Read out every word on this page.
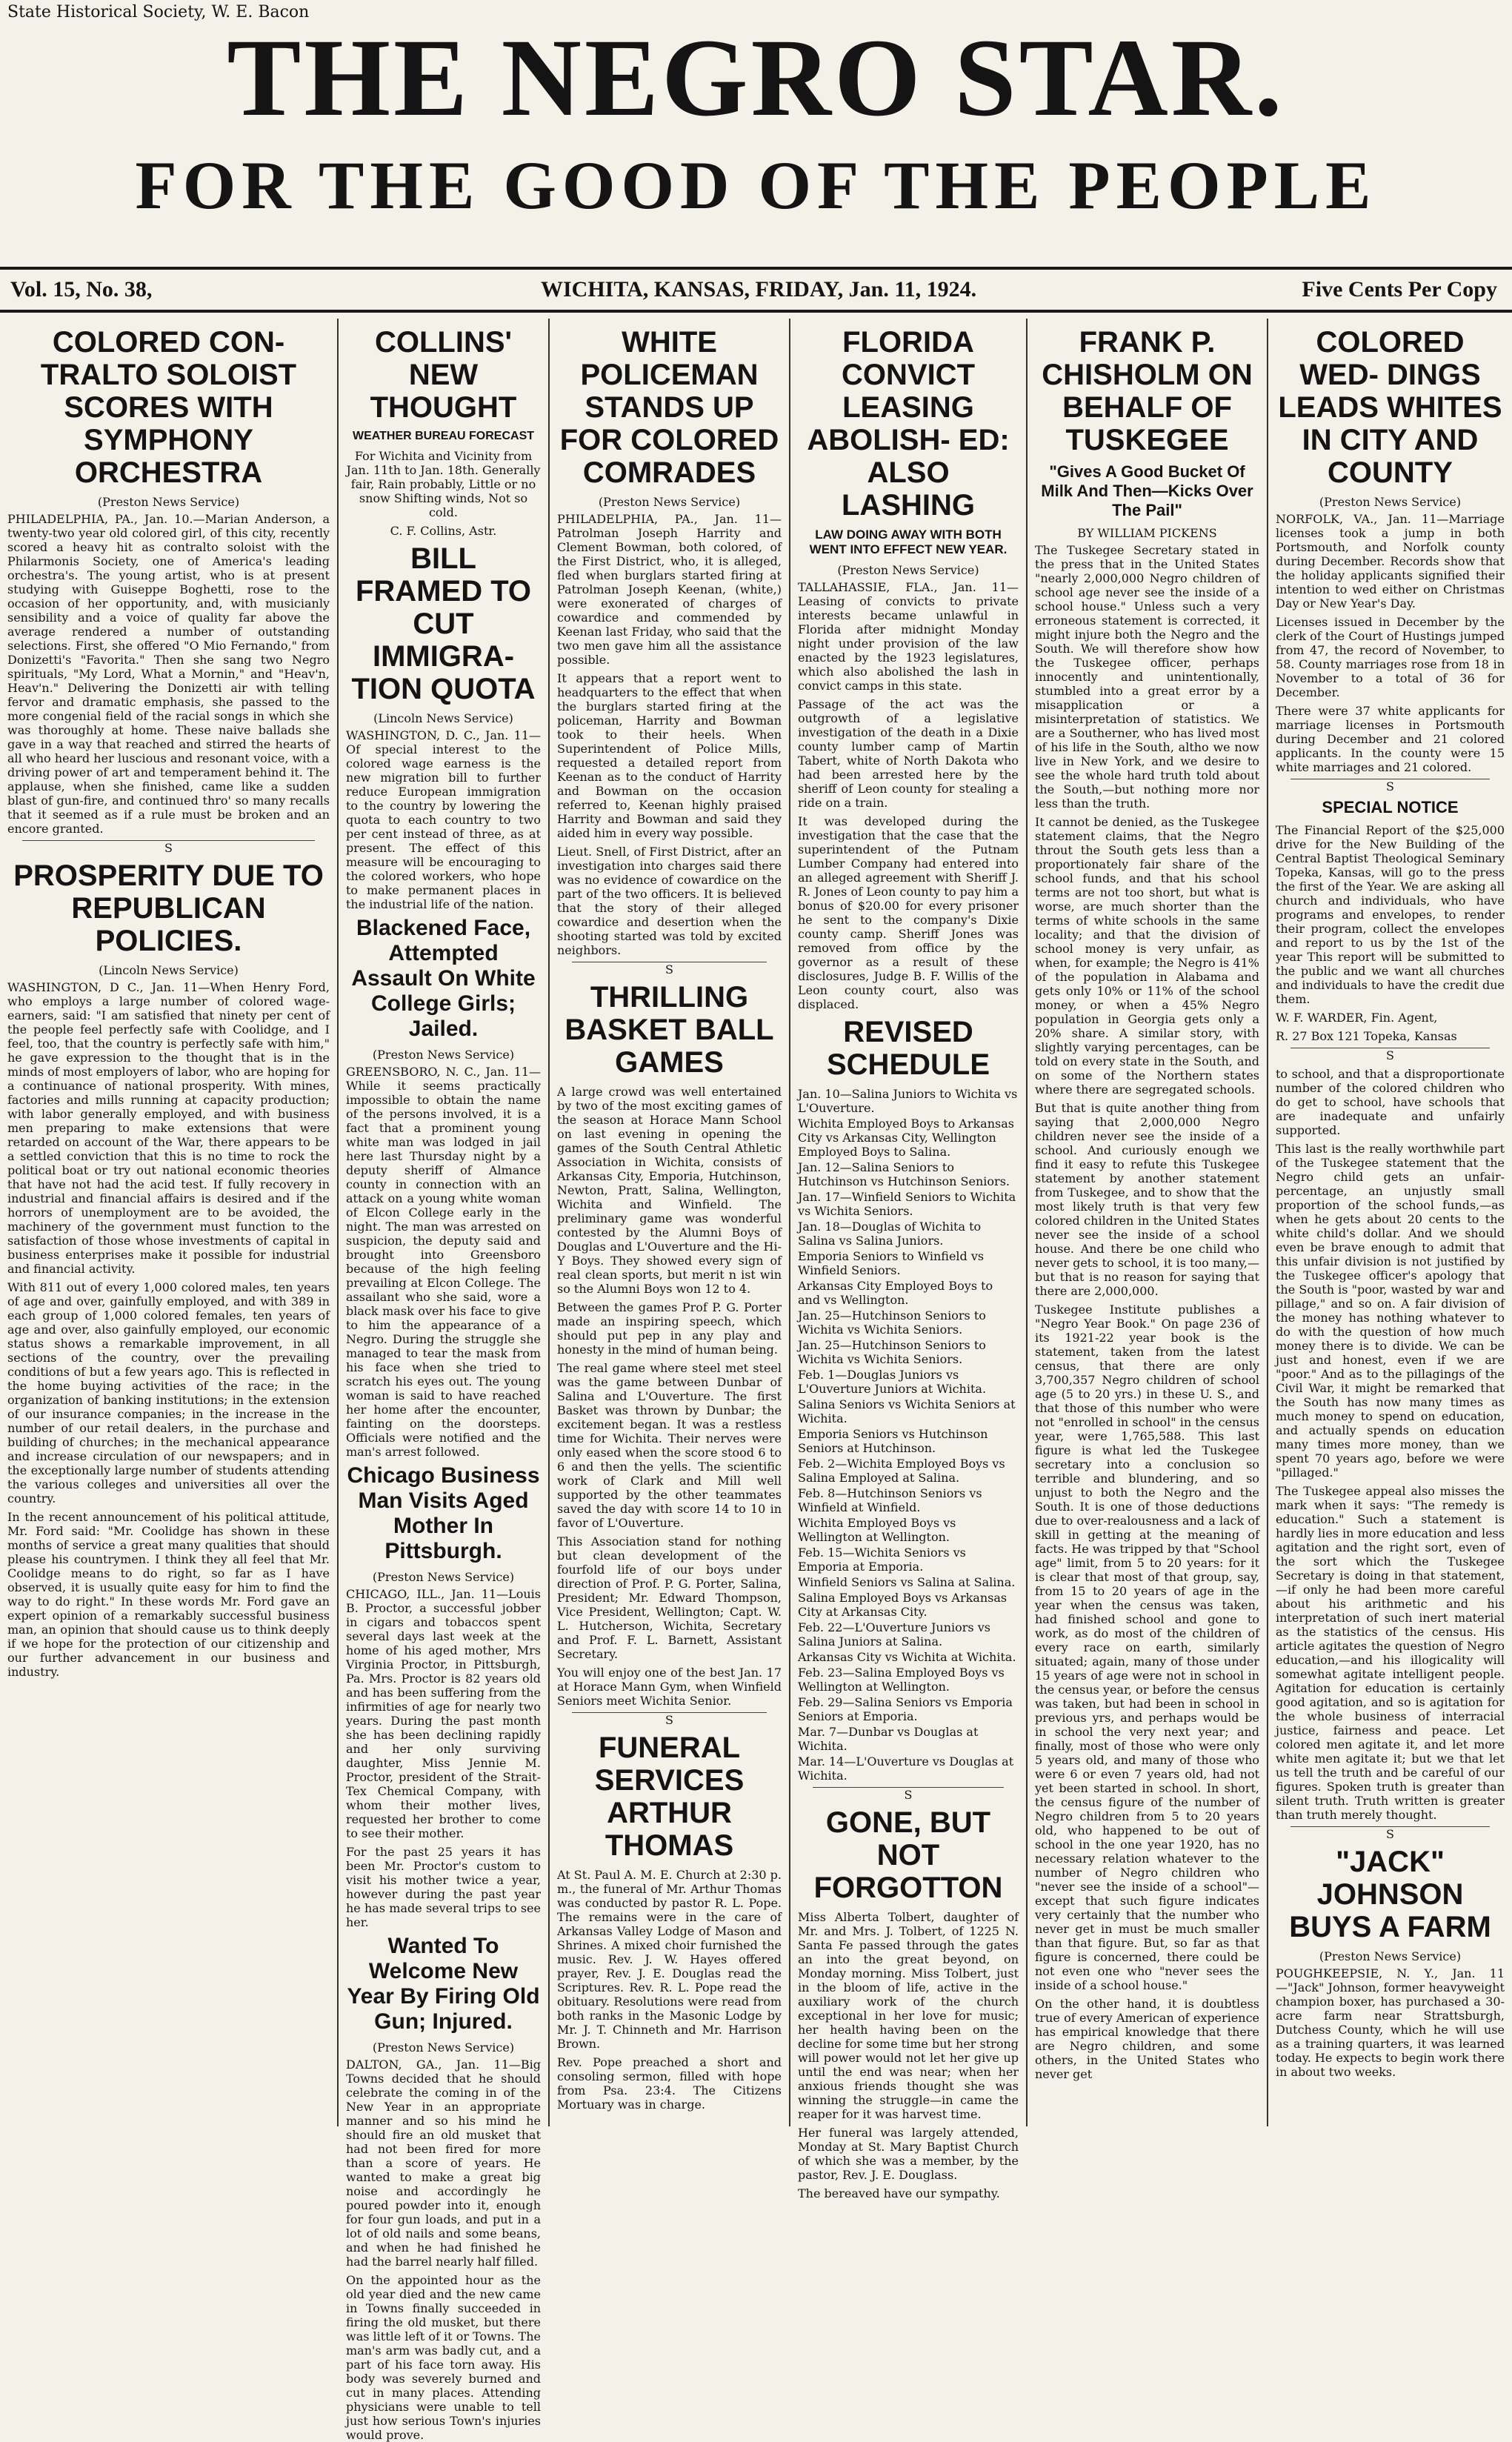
State Historical Society, W. E. Bacon
THE NEGRO STAR.
FOR THE GOOD OF THE PEOPLE
Vol. 15, No. 38,	WICHITA, KANSAS, FRIDAY, Jan. 11, 1924.	Five Cents Per Copy
COLORED CON- TRALTO SOLOIST SCORES WITH SYMPHONY ORCHESTRA
(Preston News Service)

PHILADELPHIA, PA., Jan. 10.—Marian Anderson, a twenty-two year old colored girl, of this city, recently scored a heavy hit as contralto soloist with the Philarmonis Society, one of America's leading orchestra's. The young artist, who is at present studying with Guiseppe Boghetti, rose to the occasion of her opportunity, and, with musicianly sensibility and a voice of quality far above the average rendered a number of outstanding selections. First, she offered "O Mio Fernando," from Donizetti's "Favorita." Then she sang two Negro spirituals, "My Lord, What a Mornin," and "Heav'n, Heav'n." Delivering the Donizetti air with telling fervor and dramatic emphasis, she passed to the more congenial field of the racial songs in which she was thoroughly at home. These naive ballads she gave in a way that reached and stirred the hearts of all who heard her luscious and resonant voice, with a driving power of art and temperament behind it. The applause, when she finished, came like a sudden blast of gun-fire, and continued thro' so many recalls that it seemed as if a rule must be broken and an encore granted.

S
PROSPERITY DUE TO REPUBLICAN POLICIES.
(Lincoln News Service)

WASHINGTON, D C., Jan. 11—When Henry Ford, who employs a large number of colored wage-earners, said: "I am satisfied that ninety per cent of the people feel perfectly safe with Coolidge, and I feel, too, that the country is perfectly safe with him," he gave expression to the thought that is in the minds of most employers of labor, who are hoping for a continuance of national prosperity. With mines, factories and mills running at capacity production; with labor generally employed, and with business men preparing to make extensions that were retarded on account of the War, there appears to be a settled conviction that this is no time to rock the political boat or try out national economic theories that have not had the acid test. If fully recovery in industrial and financial affairs is desired and if the horrors of unemployment are to be avoided, the machinery of the government must function to the satisfaction of those whose investments of capital in business enterprises make it possible for industrial and financial activity.

With 811 out of every 1,000 colored males, ten years of age and over, gainfully employed, and with 389 in each group of 1,000 colored females, ten years of age and over, also gainfully employed, our economic status shows a remarkable improvement, in all sections of the country, over the prevailing conditions of but a few years ago. This is reflected in the home buying activities of the race; in the organization of banking institutions; in the extension of our insurance companies; in the increase in the number of our retail dealers, in the purchase and building of churches; in the mechanical appearance and increase circulation of our newspapers; and in the exceptionally large number of students attending the various colleges and universities all over the country.

In the recent announcement of his political attitude, Mr. Ford said: "Mr. Coolidge has shown in these months of service a great many qualities that should please his countrymen. I think they all feel that Mr. Coolidge means to do right, so far as I have observed, it is usually quite easy for him to find the way to do right." In these words Mr. Ford gave an expert opinion of a remarkably successful business man, an opinion that should cause us to think deeply if we hope for the protection of our citizenship and our further advancement in our business and industry.

COLLINS' NEW THOUGHT
WEATHER BUREAU FORECAST

For Wichita and Vicinity from Jan. 11th to Jan. 18th. Generally fair, Rain probably, Little or no snow Shifting winds, Not so cold.

C. F. Collins, Astr.

BILL FRAMED TO CUT IMMIGRA- TION QUOTA
(Lincoln News Service)

WASHINGTON, D. C., Jan. 11—Of special interest to the colored wage earness is the new migration bill to further reduce European immigration to the country by lowering the quota to each country to two per cent instead of three, as at present. The effect of this measure will be encouraging to the colored workers, who hope to make permanent places in the industrial life of the nation.

Blackened Face, Attempted Assault On White College Girls; Jailed.
(Preston News Service)

GREENSBORO, N. C., Jan. 11—While it seems practically impossible to obtain the name of the persons involved, it is a fact that a prominent young white man was lodged in jail here last Thursday night by a deputy sheriff of Almance county in connection with an attack on a young white woman of Elcon College early in the night. The man was arrested on suspicion, the deputy said and brought into Greensboro because of the high feeling prevailing at Elcon College. The assailant who she said, wore a black mask over his face to give to him the appearance of a Negro. During the struggle she managed to tear the mask from his face when she tried to scratch his eyes out. The young woman is said to have reached her home after the encounter, fainting on the doorsteps. Officials were notified and the man's arrest followed.

Chicago Business Man Visits Aged Mother In Pittsburgh.
(Preston News Service)

CHICAGO, ILL., Jan. 11—Louis B. Proctor, a successful jobber in cigars and tobaccos spent several days last week at the home of his aged mother, Mrs Virginia Proctor, in Pittsburgh, Pa. Mrs. Proctor is 82 years old and has been suffering from the infirmities of age for nearly two years. During the past month she has been declining rapidly and her only surviving daughter, Miss Jennie M. Proctor, president of the Strait-Tex Chemical Company, with whom their mother lives, requested her brother to come to see their mother.

For the past 25 years it has been Mr. Proctor's custom to visit his mother twice a year, however during the past year he has made several trips to see her.

Wanted To Welcome New Year By Firing Old Gun; Injured.
(Preston News Service)

DALTON, GA., Jan. 11—Big Towns decided that he should celebrate the coming in of the New Year in an appropriate manner and so his mind he should fire an old musket that had not been fired for more than a score of years. He wanted to make a great big noise and accordingly he poured powder into it, enough for four gun loads, and put in a lot of old nails and some beans, and when he had finished he had the barrel nearly half filled.

On the appointed hour as the old year died and the new came in Towns finally succeeded in firing the old musket, but there was little left of it or Towns. The man's arm was badly cut, and a part of his face torn away. His body was severely burned and cut in many places. Attending physicians were unable to tell just how serious Town's injuries would prove.

WHITE POLICEMAN STANDS UP FOR COLORED COMRADES
(Preston News Service)

PHILADELPHIA, PA., Jan. 11—Patrolman Joseph Harrity and Clement Bowman, both colored, of the First District, who, it is alleged, fled when burglars started firing at Patrolman Joseph Keenan, (white,) were exonerated of charges of cowardice and commended by Keenan last Friday, who said that the two men gave him all the assistance possible.

It appears that a report went to headquarters to the effect that when the burglars started firing at the policeman, Harrity and Bowman took to their heels. When Superintendent of Police Mills, requested a detailed report from Keenan as to the conduct of Harrity and Bowman on the occasion referred to, Keenan highly praised Harrity and Bowman and said they aided him in every way possible.

Lieut. Snell, of First District, after an investigation into charges said there was no evidence of cowardice on the part of the two officers. It is believed that the story of their alleged cowardice and desertion when the shooting started was told by excited neighbors.

S
THRILLING BASKET BALL GAMES

A large crowd was well entertained by two of the most exciting games of the season at Horace Mann School on last evening in opening the games of the South Central Athletic Association in Wichita, consists of Arkansas City, Emporia, Hutchinson, Newton, Pratt, Salina, Wellington, Wichita and Winfield. The preliminary game was wonderful contested by the Alumni Boys of Douglas and L'Ouverture and the Hi-Y Boys. They showed every sign of real clean sports, but merit n ist win so the Alumni Boys won 12 to 4.

Between the games Prof P. G. Porter made an inspiring speech, which should put pep in any play and honesty in the mind of human being.

The real game where steel met steel was the game between Dunbar of Salina and L'Ouverture. The first Basket was thrown by Dunbar; the excitement began. It was a restless time for Wichita. Their nerves were only eased when the score stood 6 to 6 and then the yells. The scientific work of Clark and Mill well supported by the other teammates saved the day with score 14 to 10 in favor of L'Ouverture.

This Association stand for nothing but clean development of the fourfold life of our boys under direction of Prof. P. G. Porter, Salina, President; Mr. Edward Thompson, Vice President, Wellington; Capt. W. L. Hutcherson, Wichita, Secretary and Prof. F. L. Barnett, Assistant Secretary.

You will enjoy one of the best Jan. 17 at Horace Mann Gym, when Winfield Seniors meet Wichita Senior.

S
FUNERAL SERVICES ARTHUR THOMAS

At St. Paul A. M. E. Church at 2:30 p. m., the funeral of Mr. Arthur Thomas was conducted by pastor R. L. Pope. The remains were in the care of Arkansas Valley Lodge of Mason and Shrines. A mixed choir furnished the music. Rev. J. W. Hayes offered prayer, Rev. J. E. Douglas read the Scriptures. Rev. R. L. Pope read the obituary. Resolutions were read from both ranks in the Masonic Lodge by Mr. J. T. Chinneth and Mr. Harrison Brown.

Rev. Pope preached a short and consoling sermon, filled with hope from Psa. 23:4. The Citizens Mortuary was in charge.

FLORIDA CONVICT LEASING ABOLISH- ED: ALSO LASHING
LAW DOING AWAY WITH BOTH WENT INTO EFFECT NEW YEAR.
(Preston News Service)

TALLAHASSIE, FLA., Jan. 11—Leasing of convicts to private interests became unlawful in Florida after midnight Monday night under provision of the law enacted by the 1923 legislatures, which also abolished the lash in convict camps in this state.

Passage of the act was the outgrowth of a legislative investigation of the death in a Dixie county lumber camp of Martin Tabert, white of North Dakota who had been arrested here by the sheriff of Leon county for stealing a ride on a train.

It was developed during the investigation that the case that the superintendent of the Putnam Lumber Company had entered into an alleged agreement with Sheriff J. R. Jones of Leon county to pay him a bonus of $20.00 for every prisoner he sent to the company's Dixie county camp. Sheriff Jones was removed from office by the governor as a result of these disclosures, Judge B. F. Willis of the Leon county court, also was displaced.

REVISED SCHEDULE
Jan. 10—Salina Juniors to Wichita vs L'Ouverture.
Wichita Employed Boys to Arkansas City vs Arkansas City, Wellington Employed Boys to Salina.
Jan. 12—Salina Seniors to Hutchinson vs Hutchinson Seniors.
Jan. 17—Winfield Seniors to Wichita vs Wichita Seniors.
Jan. 18—Douglas of Wichita to Salina vs Salina Juniors.
Emporia Seniors to Winfield vs Winfield Seniors.
Arkansas City Employed Boys to and vs Wellington.
Jan. 25—Hutchinson Seniors to Wichita vs Wichita Seniors.
Jan. 25—Hutchinson Seniors to Wichita vs Wichita Seniors.
Feb. 1—Douglas Juniors vs L'Ouverture Juniors at Wichita.
Salina Seniors vs Wichita Seniors at Wichita.
Emporia Seniors vs Hutchinson Seniors at Hutchinson.
Feb. 2—Wichita Employed Boys vs Salina Employed at Salina.
Feb. 8—Hutchinson Seniors vs Winfield at Winfield.
Wichita Employed Boys vs Wellington at Wellington.
Feb. 15—Wichita Seniors vs Emporia at Emporia.
Winfield Seniors vs Salina at Salina.
Salina Employed Boys vs Arkansas City at Arkansas City.
Feb. 22—L'Ouverture Juniors vs Salina Juniors at Salina.
Arkansas City vs Wichita at Wichita.
Feb. 23—Salina Employed Boys vs Wellington at Wellington.
Feb. 29—Salina Seniors vs Emporia Seniors at Emporia.
Mar. 7—Dunbar vs Douglas at Wichita.
Mar. 14—L'Ouverture vs Douglas at Wichita.
S
GONE, BUT NOT FORGOTTON

Miss Alberta Tolbert, daughter of Mr. and Mrs. J. Tolbert, of 1225 N. Santa Fe passed through the gates an into the great beyond, on Monday morning. Miss Tolbert, just in the bloom of life, active in the auxiliary work of the church exceptional in her love for music; her health having been on the decline for some time but her strong will power would not let her give up until the end was near; when her anxious friends thought she was winning the struggle—in came the reaper for it was harvest time.

Her funeral was largely attended, Monday at St. Mary Baptist Church of which she was a member, by the pastor, Rev. J. E. Douglass.

The bereaved have our sympathy.

FRANK P. CHISHOLM ON BEHALF OF TUSKEGEE
"Gives A Good Bucket Of Milk And Then—Kicks Over The Pail"
BY WILLIAM PICKENS

The Tuskegee Secretary stated in the press that in the United States "nearly 2,000,000 Negro children of school age never see the inside of a school house." Unless such a very erroneous statement is corrected, it might injure both the Negro and the South. We will therefore show how the Tuskegee officer, perhaps innocently and unintentionally, stumbled into a great error by a misapplication or a misinterpretation of statistics. We are a Southerner, who has lived most of his life in the South, altho we now live in New York, and we desire to see the whole hard truth told about the South,—but nothing more nor less than the truth.

It cannot be denied, as the Tuskegee statement claims, that the Negro throut the South gets less than a proportionately fair share of the school funds, and that his school terms are not too short, but what is worse, are much shorter than the terms of white schools in the same locality; and that the division of school money is very unfair, as when, for example; the Negro is 41% of the population in Alabama and gets only 10% or 11% of the school money, or when a 45% Negro population in Georgia gets only a 20% share. A similar story, with slightly varying percentages, can be told on every state in the South, and on some of the Northern states where there are segregated schools.

But that is quite another thing from saying that 2,000,000 Negro children never see the inside of a school. And curiously enough we find it easy to refute this Tuskegee statement by another statement from Tuskegee, and to show that the most likely truth is that very few colored children in the United States never see the inside of a school house. And there be one child who never gets to school, it is too many,—but that is no reason for saying that there are 2,000,000.

Tuskegee Institute publishes a "Negro Year Book." On page 236 of its 1921-22 year book is the statement, taken from the latest census, that there are only 3,700,357 Negro children of school age (5 to 20 yrs.) in these U. S., and that those of this number who were not "enrolled in school" in the census year, were 1,765,588. This last figure is what led the Tuskegee secretary into a conclusion so terrible and blundering, and so unjust to both the Negro and the South. It is one of those deductions due to over-realousness and a lack of skill in getting at the meaning of facts. He was tripped by that "School age" limit, from 5 to 20 years: for it is clear that most of that group, say, from 15 to 20 years of age in the year when the census was taken, had finished school and gone to work, as do most of the children of every race on earth, similarly situated; again, many of those under 15 years of age were not in school in the census year, or before the census was taken, but had been in school in previous yrs, and perhaps would be in school the very next year; and finally, most of those who were only 5 years old, and many of those who were 6 or even 7 years old, had not yet been started in school. In short, the census figure of the number of Negro children from 5 to 20 years old, who happened to be out of school in the one year 1920, has no necessary relation whatever to the number of Negro children who "never see the inside of a school"—except that such figure indicates very certainly that the number who never get in must be much smaller than that figure. But, so far as that figure is concerned, there could be not even one who "never sees the inside of a school house."

On the other hand, it is doubtless true of every American of experience has empirical knowledge that there are Negro children, and some others, in the United States who never get

COLORED WED- DINGS LEADS WHITES IN CITY AND COUNTY
(Preston News Service)

NORFOLK, VA., Jan. 11—Marriage licenses took a jump in both Portsmouth, and Norfolk county during December. Records show that the holiday applicants signified their intention to wed either on Christmas Day or New Year's Day.

Licenses issued in December by the clerk of the Court of Hustings jumped from 47, the record of November, to 58. County marriages rose from 18 in November to a total of 36 for December.

There were 37 white applicants for marriage licenses in Portsmouth during December and 21 colored applicants. In the county were 15 white marriages and 21 colored.

S
SPECIAL NOTICE

The Financial Report of the $25,000 drive for the New Building of the Central Baptist Theological Seminary Topeka, Kansas, will go to the press the first of the Year. We are asking all church and individuals, who have programs and envelopes, to render their program, collect the envelopes and report to us by the 1st of the year This report will be submitted to the public and we want all churches and individuals to have the credit due them.

W. F. WARDER, Fin. Agent,

R. 27 Box 121 Topeka, Kansas

S

to school, and that a disproportionate number of the colored children who do get to school, have schools that are inadequate and unfairly supported.

This last is the really worthwhile part of the Tuskegee statement that the Negro child gets an unfair-percentage, an unjustly small proportion of the school funds,—as when he gets about 20 cents to the white child's dollar. And we should even be brave enough to admit that this unfair division is not justified by the Tuskegee officer's apology that the South is "poor, wasted by war and pillage," and so on. A fair division of the money has nothing whatever to do with the question of how much money there is to divide. We can be just and honest, even if we are "poor." And as to the pillagings of the Civil War, it might be remarked that the South has now many times as much money to spend on education, and actually spends on education many times more money, than we spent 70 years ago, before we were "pillaged."

The Tuskegee appeal also misses the mark when it says: "The remedy is education." Such a statement is hardly lies in more education and less agitation and the right sort, even of the sort which the Tuskegee Secretary is doing in that statement,—if only he had been more careful about his arithmetic and his interpretation of such inert material as the statistics of the census. His article agitates the question of Negro education,—and his illogicality will somewhat agitate intelligent people. Agitation for education is certainly good agitation, and so is agitation for the whole business of interracial justice, fairness and peace. Let colored men agitate it, and let more white men agitate it; but we that let us tell the truth and be careful of our figures. Spoken truth is greater than silent truth. Truth written is greater than truth merely thought.

S
"JACK" JOHNSON BUYS A FARM
(Preston News Service)

POUGHKEEPSIE, N. Y., Jan. 11—"Jack" Johnson, former heavyweight champion boxer, has purchased a 30-acre farm near Strattsburgh, Dutchess County, which he will use as a training quarters, it was learned today. He expects to begin work there in about two weeks.
